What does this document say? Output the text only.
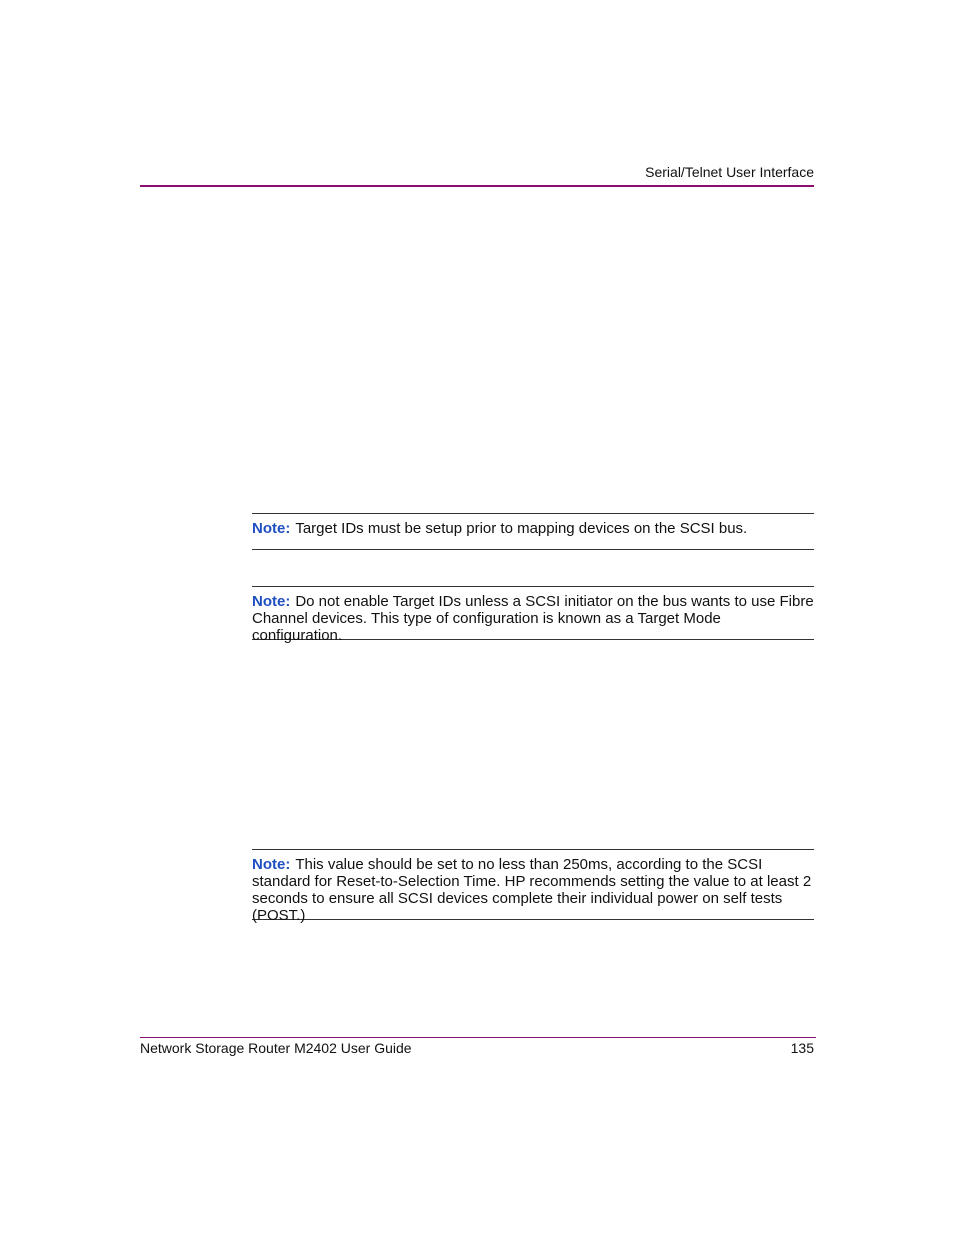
Serial/Telnet User Interface
Note: Target IDs must be setup prior to mapping devices on the SCSI bus.
Note: Do not enable Target IDs unless a SCSI initiator on the bus wants to use Fibre Channel devices. This type of configuration is known as a Target Mode configuration.
Note: This value should be set to no less than 250ms, according to the SCSI standard for Reset-to-Selection Time. HP recommends setting the value to at least 2 seconds to ensure all SCSI devices complete their individual power on self tests (POST.)
Network Storage Router M2402 User Guide	135
